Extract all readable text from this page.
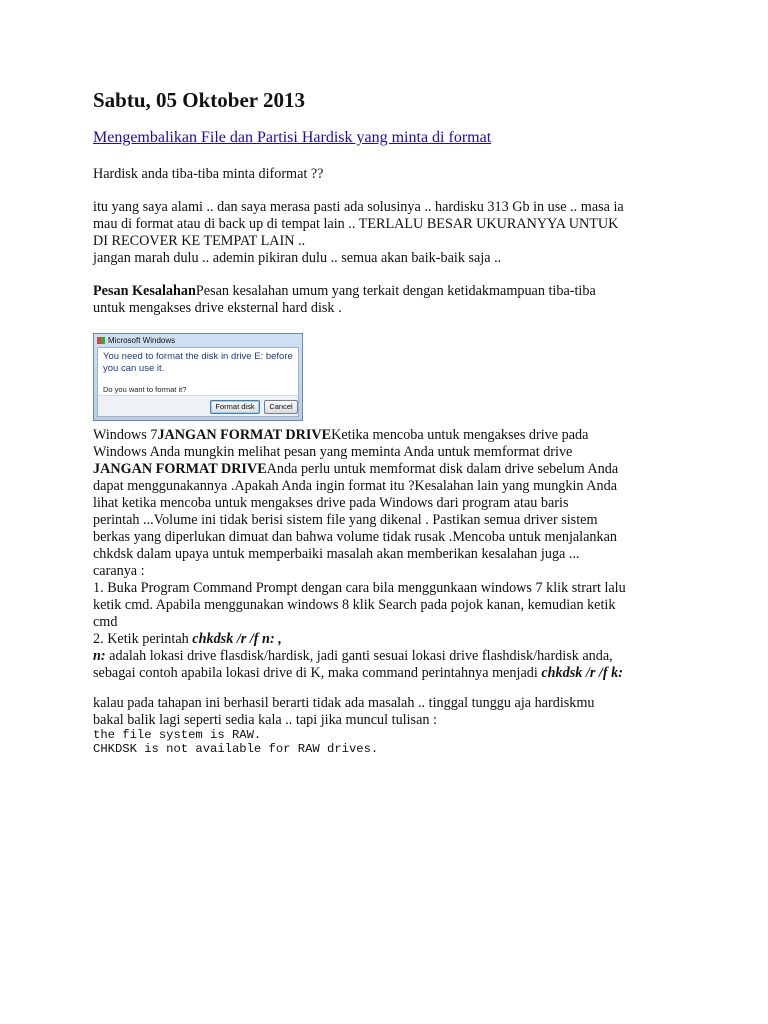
Sabtu, 05 Oktober 2013
Mengembalikan File dan Partisi Hardisk yang minta di format

Hardisk anda tiba-tiba minta diformat ??

itu yang saya alami .. dan saya merasa pasti ada solusinya .. hardisku 313 Gb in use .. masa ia
mau di format atau di back up di tempat lain .. TERLALU BESAR UKURANYYA UNTUK
DI RECOVER KE TEMPAT LAIN ..
jangan marah dulu .. ademin pikiran dulu .. semua akan baik-baik saja ..

Pesan KesalahanPesan kesalahan umum yang terkait dengan ketidakmampuan tiba-tiba
untuk mengakses drive eksternal hard disk .

Microsoft Windows
You need to format the disk in drive E: before you can use it.
Do you want to format it?
Format disk	Cancel

Windows 7JANGAN FORMAT DRIVEKetika mencoba untuk mengakses drive pada
Windows Anda mungkin melihat pesan yang meminta Anda untuk memformat drive
JANGAN FORMAT DRIVEAnda perlu untuk memformat disk dalam drive sebelum Anda
dapat menggunakannya .Apakah Anda ingin format itu ?Kesalahan lain yang mungkin Anda
lihat ketika mencoba untuk mengakses drive pada Windows dari program atau baris
perintah ...Volume ini tidak berisi sistem file yang dikenal . Pastikan semua driver sistem
berkas yang diperlukan dimuat dan bahwa volume tidak rusak .Mencoba untuk menjalankan
chkdsk dalam upaya untuk memperbaiki masalah akan memberikan kesalahan juga ...
caranya :
1. Buka Program Command Prompt dengan cara bila menggunkaan windows 7 klik strart lalu
ketik cmd. Apabila menggunakan windows 8 klik Search pada pojok kanan, kemudian ketik
cmd
2. Ketik perintah chkdsk /r /f n: ,
n: adalah lokasi drive flasdisk/hardisk, jadi ganti sesuai lokasi drive flashdisk/hardisk anda,
sebagai contoh apabila lokasi drive di K, maka command perintahnya menjadi chkdsk /r /f k:

kalau pada tahapan ini berhasil berarti tidak ada masalah .. tinggal tunggu aja hardiskmu
bakal balik lagi seperti sedia kala .. tapi jika muncul tulisan :

the file system is RAW.
CHKDSK is not available for RAW drives.
